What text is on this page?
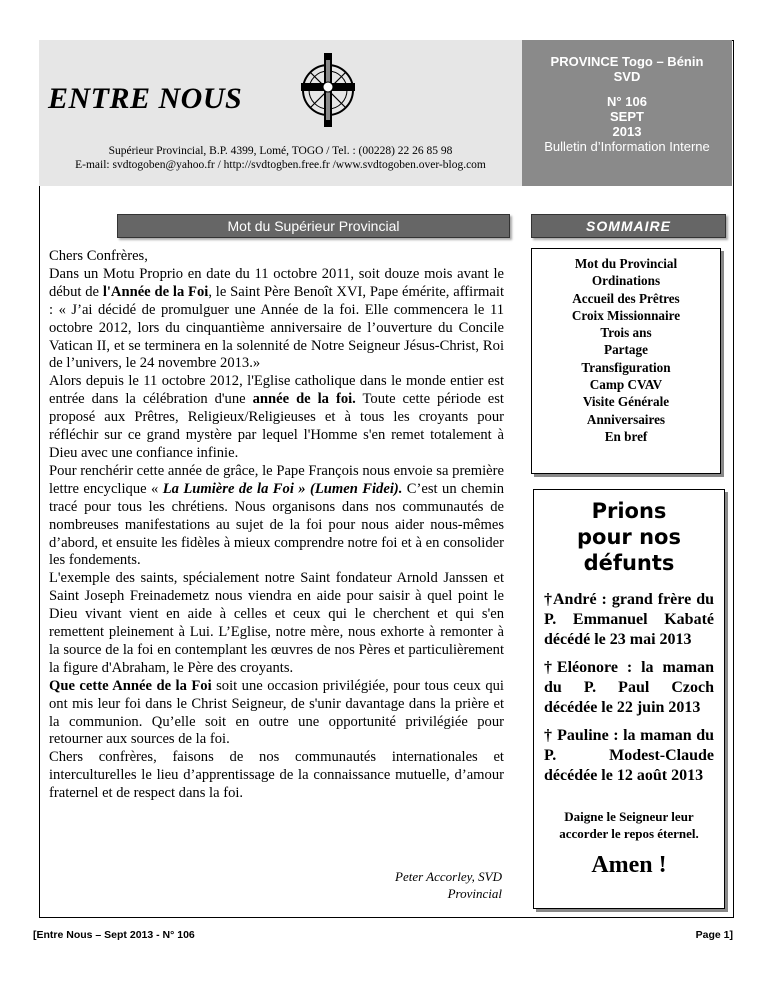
ENTRE NOUS
Supérieur Provincial, B.P. 4399, Lomé, TOGO / Tel. : (00228) 22 26 85 98
E-mail: svdtogoben@yahoo.fr / http://svdtogben.free.fr /www.svdtogoben.over-blog.com
PROVINCE Togo – Bénin
SVD
N° 106
SEPT
2013
Bulletin d’Information Interne
Mot du Supérieur Provincial	SOMMAIRE

Chers Confrères,

Dans un Motu Proprio en date du 11 octobre 2011, soit douze mois avant le début de l'Année de la Foi, le Saint Père Benoît XVI, Pape émérite, affirmait : « J’ai décidé de promulguer une Année de la foi. Elle commencera le 11 octobre 2012, lors du cinquantième anniversaire de l’ouverture du Concile Vatican II, et se terminera en la solennité de Notre Seigneur Jésus-Christ, Roi de l’univers, le 24 novembre 2013.»

Alors depuis le 11 octobre 2012, l'Eglise catholique dans le monde entier est entrée dans la célébration d'une année de la foi. Toute cette période est proposé aux Prêtres, Religieux/Religieuses et à tous les croyants pour réfléchir sur ce grand mystère par lequel l'Homme s'en remet totalement à Dieu avec une confiance infinie.

Pour renchérir cette année de grâce, le Pape François nous envoie sa première lettre encyclique « La Lumière de la Foi » (Lumen Fidei). C’est un chemin tracé pour tous les chrétiens. Nous organisons dans nos communautés de nombreuses manifestations au sujet de la foi pour nous aider nous-mêmes d’abord, et ensuite les fidèles à mieux comprendre notre foi et à en consolider les fondements.

L'exemple des saints, spécialement notre Saint fondateur Arnold Janssen et Saint Joseph Freinademetz nous viendra en aide pour saisir à quel point le Dieu vivant vient en aide à celles et ceux qui le cherchent et qui s'en remettent pleinement à Lui. L’Eglise, notre mère, nous exhorte à remonter à la source de la foi en contemplant les œuvres de nos Pères et particulièrement la figure d'Abraham, le Père des croyants.

Que cette Année de la Foi soit une occasion privilégiée, pour tous ceux qui ont mis leur foi dans le Christ Seigneur, de s'unir davantage dans la prière et la communion. Qu’elle soit en outre une opportunité privilégiée pour retourner aux sources de la foi.

Chers confrères, faisons de nos communautés internationales et interculturelles le lieu d’apprentissage de la connaissance mutuelle, d’amour fraternel et de respect dans la foi.

Peter Accorley, SVD
Provincial
Mot du Provincial
Ordinations
Accueil des Prêtres
Croix Missionnaire
Trois ans
Partage
Transfiguration
Camp CVAV
Visite Générale
Anniversaires
En bref
Prions
pour nos défunts
†André : grand frère du P. Emmanuel Kabaté décédé le 23 mai 2013
†Eléonore : la maman du P. Paul Czoch décédée le 22 juin 2013
† Pauline : la maman du P. Modest-Claude décédée le 12 août 2013
Daigne le Seigneur leur accorder le repos éternel.
Amen !
[Entre Nous – Sept 2013 - N° 106	Page 1]
